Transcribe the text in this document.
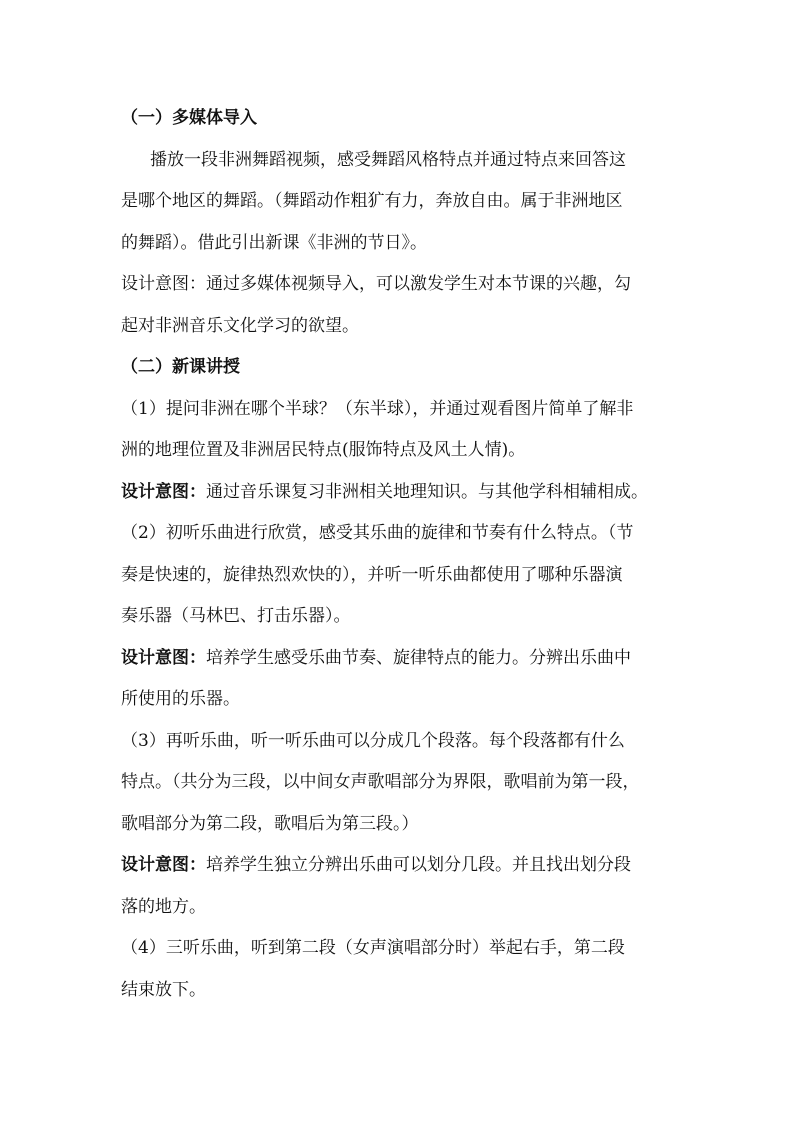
（一）多媒体导入
播放一段非洲舞蹈视频，感受舞蹈风格特点并通过特点来回答这
是哪个地区的舞蹈。（舞蹈动作粗犷有力，奔放自由。属于非洲地区
的舞蹈）。借此引出新课《非洲的节日》。
设计意图：通过多媒体视频导入，可以激发学生对本节课的兴趣，勾
起对非洲音乐文化学习的欲望。
（二）新课讲授
（1）提问非洲在哪个半球？（东半球），并通过观看图片简单了解非
洲的地理位置及非洲居民特点(服饰特点及风土人情)。
设计意图：通过音乐课复习非洲相关地理知识。与其他学科相辅相成。
（2）初听乐曲进行欣赏，感受其乐曲的旋律和节奏有什么特点。（节
奏是快速的，旋律热烈欢快的），并听一听乐曲都使用了哪种乐器演
奏乐器（马林巴、打击乐器）。
设计意图：培养学生感受乐曲节奏、旋律特点的能力。分辨出乐曲中
所使用的乐器。
（3）再听乐曲，听一听乐曲可以分成几个段落。每个段落都有什么
特点。（共分为三段，以中间女声歌唱部分为界限，歌唱前为第一段，
歌唱部分为第二段，歌唱后为第三段。）
设计意图：培养学生独立分辨出乐曲可以划分几段。并且找出划分段
落的地方。
（4）三听乐曲，听到第二段（女声演唱部分时）举起右手，第二段
结束放下。
